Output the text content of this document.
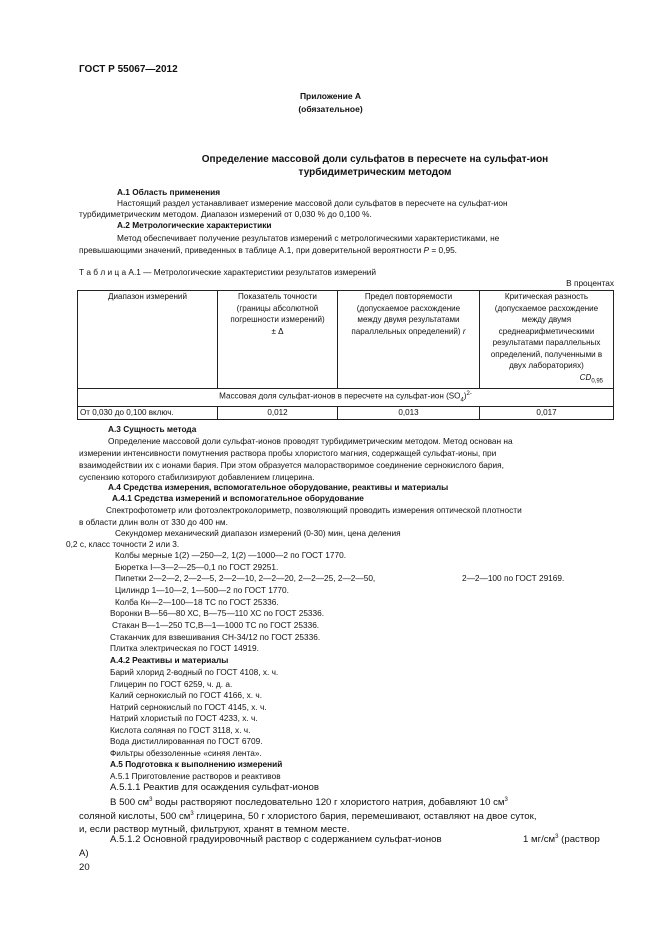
ГОСТ Р 55067—2012
Приложение А
(обязательное)
Определение массовой доли сульфатов в пересчете на сульфат-ион
турбидиметрическим методом
А.1 Область применения
Настоящий раздел устанавливает измерение массовой доли сульфатов в пересчете на сульфат-ион
турбидиметрическим методом. Диапазон измерений от 0,030 % до 0,100 %.
А.2 Метрологические характеристики
Метод обеспечивает получение результатов измерений с метрологическими характеристиками, не
превышающими значений, приведенных в таблице А.1, при доверительной вероятности P = 0,95.
Т а б л и ц а А.1 — Метрологические характеристики результатов измерений
В процентах
Диапазон измерений	Показатель точности (границы абсолютной погрешности измерений) ± Δ	Предел повторяемости (допускаемое расхождение между двумя результатами параллельных определений) r	Критическая разность (допускаемое расхождение между двумя среднеарифметическими результатами параллельных определений, полученными в двух лабораториях)
$CD_{0,95}$

Массовая доля сульфат-ионов в пересчете на сульфат-ион $(SO_4)^{2-}$
От 0,030 до 0,100 включ.	0,012	0,013	0,017
А.3 Сущность метода
Определение массовой доли сульфат-ионов проводят турбидиметрическим методом. Метод основан на
измерении интенсивности помутнения раствора пробы хлористого магния, содержащей сульфат-ионы, при
взаимодействии их с ионами бария. При этом образуется малорастворимое соединение сернокислого бария,
суспензию которого стабилизируют добавлением глицерина.
А.4 Средства измерения, вспомогательное оборудование, реактивы и материалы
А.4.1 Средства измерений и вспомогательное оборудование
Спектрофотометр или фотоэлектроколориметр, позволяющий проводить измерения оптической плотности
в области длин волн от 330 до 400 нм.
Секундомер механический диапазон измерений (0-30) мин, цена деления
0,2 с, класс точности 2 или 3.
Колбы мерные 1(2) —250—2, 1(2) —1000—2 по ГОСТ 1770.
Бюретка I—3—2—25—0,1 по ГОСТ 29251.
Пипетки 2—2—2, 2—2—5, 2—2—10, 2—2—20, 2—2—25, 2—2—50,	2—2—100 по ГОСТ 29169.
Цилиндр 1—10—2, 1—500—2 по ГОСТ 1770.
Колба Кн—2—100—18 ТС по ГОСТ 25336.
Воронки В—56—80 ХС, В—75—110 ХС по ГОСТ 25336.
Стакан В—1—250 ТС,В—1—1000 ТС по ГОСТ 25336.
Стаканчик для взвешивания СН-34/12 по ГОСТ 25336.
Плитка электрическая по ГОСТ 14919.
А.4.2 Реактивы и материалы
Барий хлорид 2-водный по ГОСТ 4108, х. ч.
Глицерин по ГОСТ 6259, ч. д. а.
Калий сернокислый по ГОСТ 4166, х. ч.
Натрий сернокислый по ГОСТ 4145, х. ч.
Натрий хлористый по ГОСТ 4233, х. ч.
Кислота соляная по ГОСТ 3118, х. ч.
Вода дистиллированная по ГОСТ 6709.
Фильтры обеззоленные «синяя лента».
А.5 Подготовка к выполнению измерений
А.5.1 Приготовление растворов и реактивов
А.5.1.1 Реактив для осаждения сульфат-ионов
В 500 $см^3$ воды растворяют последовательно 120 г хлористого натрия, добавляют 10 $см^3$
соляной кислоты, 500 $см^3$ глицерина, 50 г хлористого бария, перемешивают, оставляют на двое суток,
и, если раствор мутный, фильтруют, хранят в темном месте.
А.5.1.2 Основной градуировочный раствор с содержанием сульфат-ионов	1 $мг/см^3$ (раствор
А)
20
